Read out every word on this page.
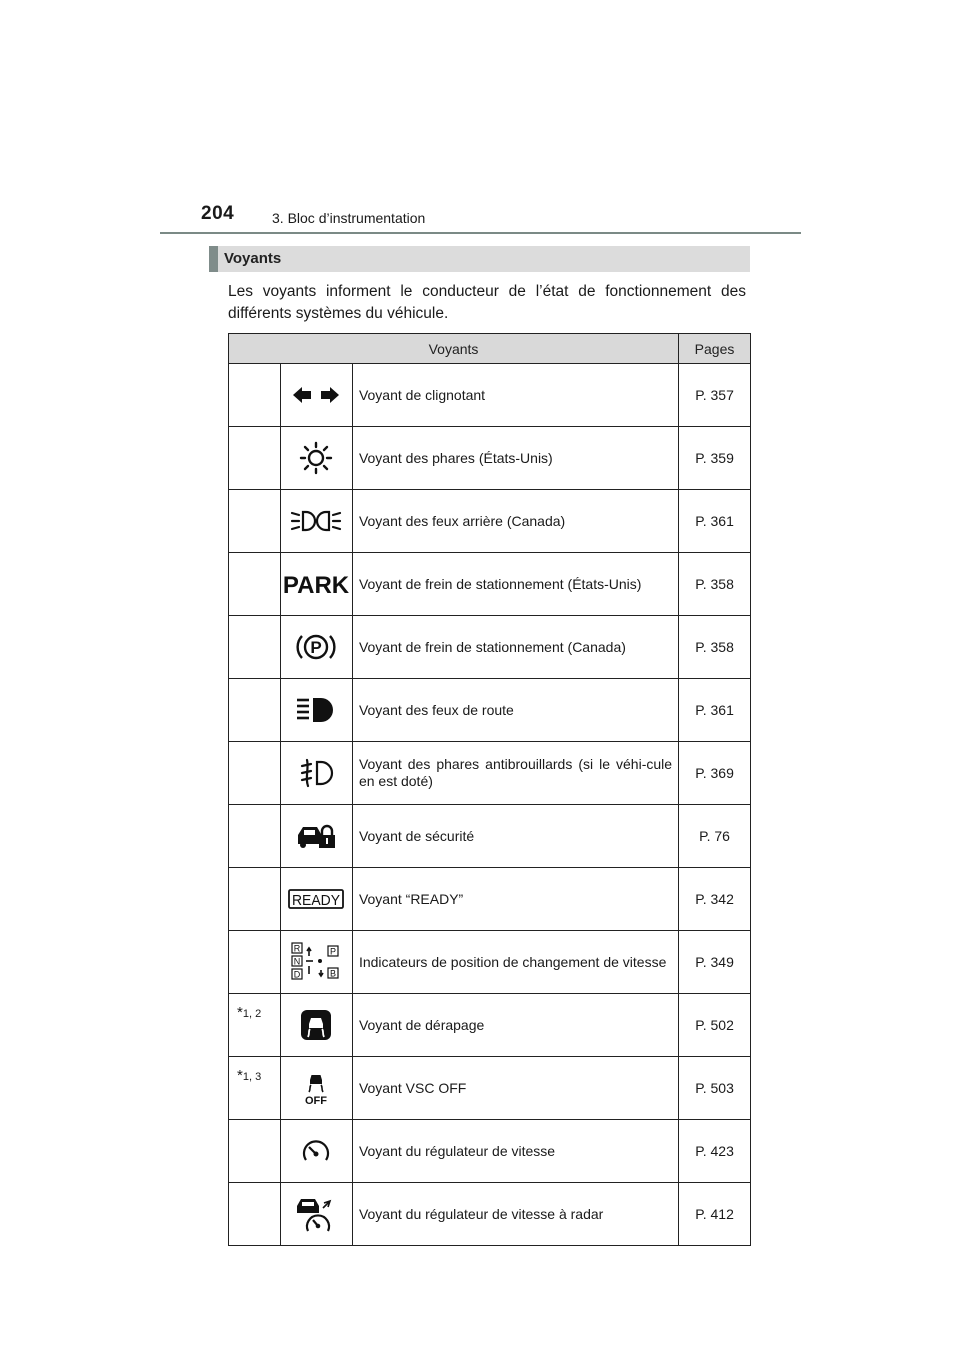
204	3. Bloc d’instrumentation
Voyants
Les voyants informent le conducteur de l’état de fonctionnement des différents systèmes du véhicule.
Voyants			Pages
		Voyant de clignotant	P. 357
		Voyant des phares (États-Unis)	P. 359
		Voyant des feux arrière (Canada)	P. 361

PARK	Voyant de frein de stationnement (États-Unis)	P. 358

P	Voyant de frein de stationnement (Canada)	P. 358
		Voyant des feux de route	P. 361
		Voyant des phares antibrouillards (si le véhi-cule en est doté)	P. 369
		Voyant de sécurité	P. 76

READY	Voyant “READY”	P. 342

R
N
D
P
B	Indicateurs de position de changement de vitesse	P. 349
*1, 2		Voyant de dérapage	P. 502
*1, 3	OFF	Voyant VSC OFF	P. 503
		Voyant du régulateur de vitesse	P. 423
		Voyant du régulateur de vitesse à radar	P. 412
